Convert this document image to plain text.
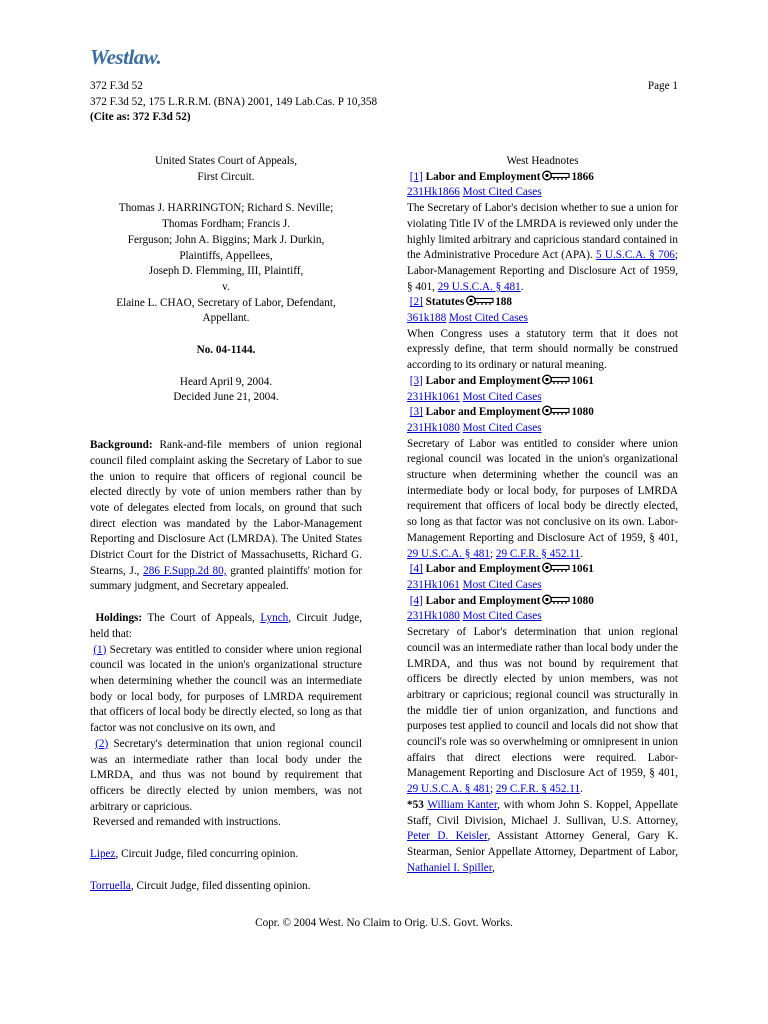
Westlaw.
372 F.3d 52
372 F.3d 52, 175 L.R.R.M. (BNA) 2001, 149 Lab.Cas. P 10,358
(Cite as: 372 F.3d 52)
Page 1
United States Court of Appeals,
First Circuit.
Thomas J. HARRINGTON; Richard S. Neville;
Thomas Fordham; Francis J.
Ferguson; John A. Biggins; Mark J. Durkin,
Plaintiffs, Appellees,
Joseph D. Flemming, III, Plaintiff,
v.
Elaine L. CHAO, Secretary of Labor, Defendant,
Appellant.
No. 04-1144.
Heard April 9, 2004.
Decided June 21, 2004.
Background: Rank-and-file members of union regional council filed complaint asking the Secretary of Labor to sue the union to require that officers of regional council be elected directly by vote of union members rather than by vote of delegates elected from locals, on ground that such direct election was mandated by the Labor-Management Reporting and Disclosure Act (LMRDA). The United States District Court for the District of Massachusetts, Richard G. Stearns, J., 286 F.Supp.2d 80, granted plaintiffs' motion for summary judgment, and Secretary appealed.
Holdings: The Court of Appeals, Lynch, Circuit Judge, held that:
(1) Secretary was entitled to consider where union regional council was located in the union's organizational structure when determining whether the council was an intermediate body or local body, for purposes of LMRDA requirement that officers of local body be directly elected, so long as that factor was not conclusive on its own, and
(2) Secretary's determination that union regional council was an intermediate rather than local body under the LMRDA, and thus was not bound by requirement that officers be directly elected by union members, was not arbitrary or capricious.
Reversed and remanded with instructions.
Lipez, Circuit Judge, filed concurring opinion.
Torruella, Circuit Judge, filed dissenting opinion.
West Headnotes
[1] Labor and Employment	1866
231Hk1866 Most Cited Cases
The Secretary of Labor's decision whether to sue a union for violating Title IV of the LMRDA is reviewed only under the highly limited arbitrary and capricious standard contained in the Administrative Procedure Act (APA). 5 U.S.C.A. § 706; Labor-Management Reporting and Disclosure Act of 1959, § 401, 29 U.S.C.A. § 481.
[2] Statutes	188
361k188 Most Cited Cases
When Congress uses a statutory term that it does not expressly define, that term should normally be construed according to its ordinary or natural meaning.
[3] Labor and Employment	1061
231Hk1061 Most Cited Cases
[3] Labor and Employment	1080
231Hk1080 Most Cited Cases
Secretary of Labor was entitled to consider where union regional council was located in the union's organizational structure when determining whether the council was an intermediate body or local body, for purposes of LMRDA requirement that officers of local body be directly elected, so long as that factor was not conclusive on its own. Labor-Management Reporting and Disclosure Act of 1959, § 401, 29 U.S.C.A. § 481; 29 C.F.R. § 452.11.
[4] Labor and Employment	1061
231Hk1061 Most Cited Cases
[4] Labor and Employment	1080
231Hk1080 Most Cited Cases
Secretary of Labor's determination that union regional council was an intermediate rather than local body under the LMRDA, and thus was not bound by requirement that officers be directly elected by union members, was not arbitrary or capricious; regional council was structurally in the middle tier of union organization, and functions and purposes test applied to council and locals did not show that council's role was so overwhelming or omnipresent in union affairs that direct elections were required. Labor-Management Reporting and Disclosure Act of 1959, § 401, 29 U.S.C.A. § 481; 29 C.F.R. § 452.11.
*53 William Kanter, with whom John S. Koppel, Appellate Staff, Civil Division, Michael J. Sullivan, U.S. Attorney, Peter D. Keisler, Assistant Attorney General, Gary K. Stearman, Senior Appellate Attorney, Department of Labor, Nathaniel I. Spiller,
Copr. © 2004 West. No Claim to Orig. U.S. Govt. Works.
